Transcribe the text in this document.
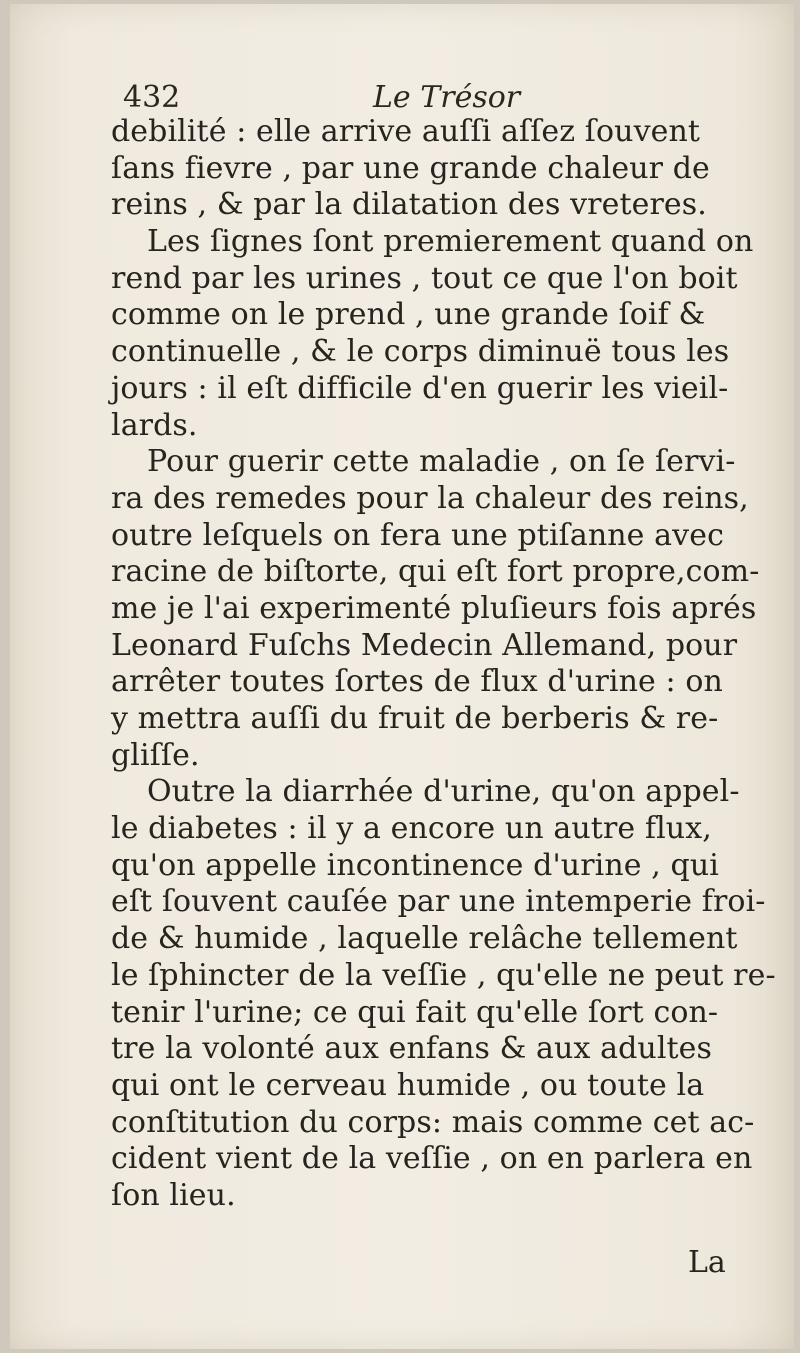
432	Le Trésor
debilité : elle arrive auſſi aſſez ſouvent
ſans fievre , par une grande chaleur de
reins , & par la dilatation des vreteres.
Les ſignes ſont premierement quand on
rend par les urines , tout ce que l'on boit
comme on le prend , une grande ſoif &
continuelle , & le corps diminuë tous les
jours : il eſt difficile d'en guerir les vieil-
lards.
Pour guerir cette maladie , on ſe ſervi-
ra des remedes pour la chaleur des reins,
outre leſquels on fera une ptiſanne avec
racine de biſtorte, qui eſt fort propre,com-
me je l'ai experimenté pluſieurs fois aprés
Leonard Fuſchs Medecin Allemand, pour
arrêter toutes ſortes de flux d'urine : on
y mettra auſſi du fruit de berberis & re-
gliſſe.
Outre la diarrhée d'urine, qu'on appel-
le diabetes : il y a encore un autre flux,
qu'on appelle incontinence d'urine , qui
eſt ſouvent cauſée par une intemperie froi-
de & humide , laquelle relâche tellement
le ſphincter de la veſſie , qu'elle ne peut re-
tenir l'urine; ce qui fait qu'elle ſort con-
tre la volonté aux enfans & aux adultes
qui ont le cerveau humide , ou toute la
conſtitution du corps: mais comme cet ac-
cident vient de la veſſie , on en parlera en
ſon lieu.
La
